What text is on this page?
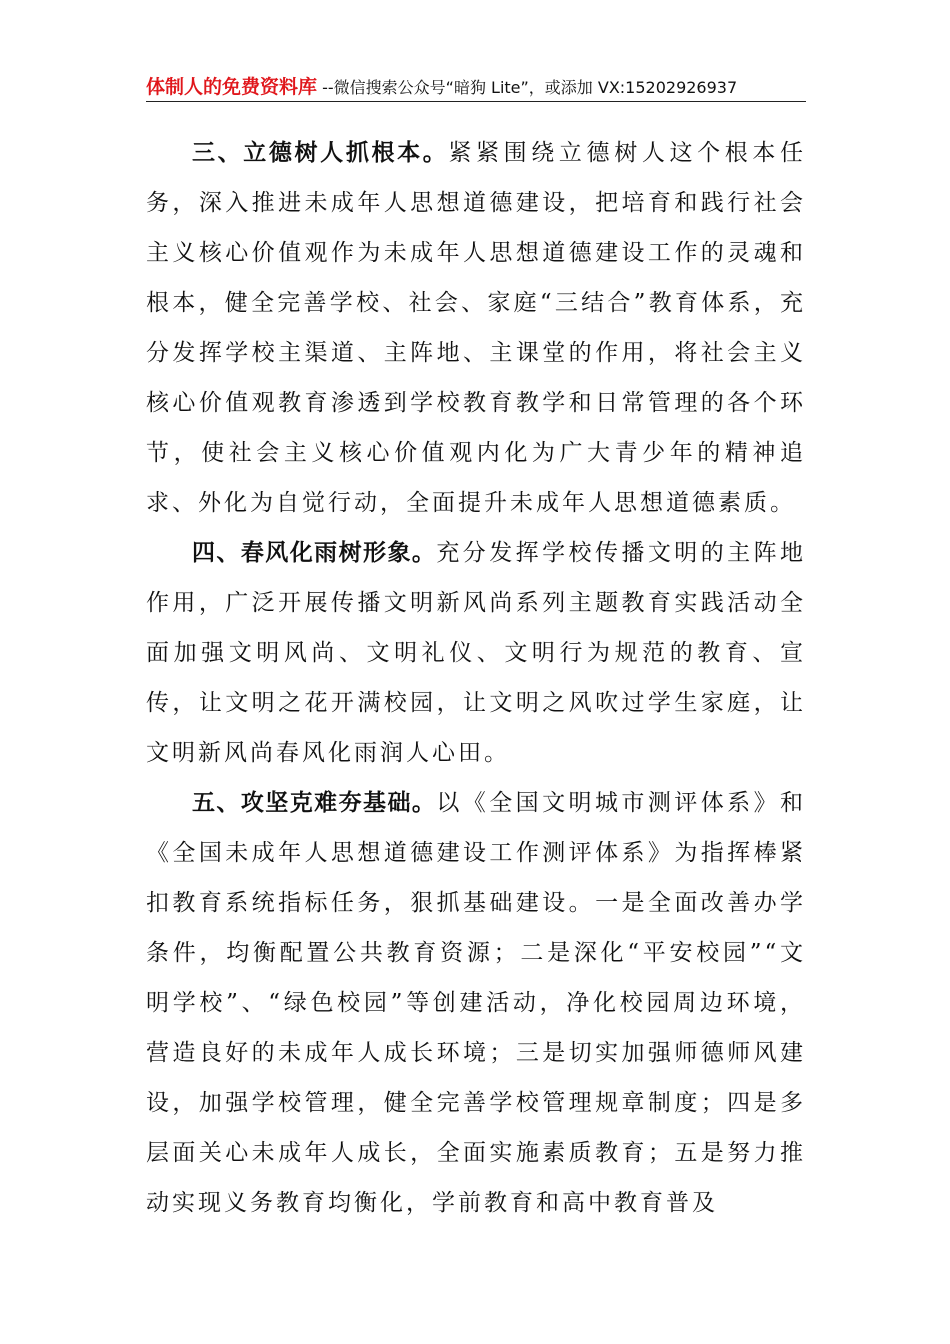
体制人的免费资料库 --微信搜索公众号“暗狗 Lite”，或添加 VX:15202926937

三、立德树人抓根本。紧紧围绕立德树人这个根本任务，深入推进未成年人思想道德建设，把培育和践行社会主义核心价值观作为未成年人思想道德建设工作的灵魂和根本，健全完善学校、社会、家庭“三结合”教育体系，充分发挥学校主渠道、主阵地、主课堂的作用，将社会主义核心价值观教育渗透到学校教育教学和日常管理的各个环节，使社会主义核心价值观内化为广大青少年的精神追求、外化为自觉行动，全面提升未成年人思想道德素质。

四、春风化雨树形象。充分发挥学校传播文明的主阵地作用，广泛开展传播文明新风尚系列主题教育实践活动全面加强文明风尚、文明礼仪、文明行为规范的教育、宣传，让文明之花开满校园，让文明之风吹过学生家庭，让文明新风尚春风化雨润人心田。

五、攻坚克难夯基础。以《全国文明城市测评体系》和《全国未成年人思想道德建设工作测评体系》为指挥棒紧扣教育系统指标任务，狠抓基础建设。一是全面改善办学条件，均衡配置公共教育资源；二是深化“平安校园”“文明学校”、“绿色校园”等创建活动，净化校园周边环境，营造良好的未成年人成长环境；三是切实加强师德师风建设，加强学校管理，健全完善学校管理规章制度；四是多层面关心未成年人成长，全面实施素质教育；五是努力推动实现义务教育均衡化，学前教育和高中教育普及
